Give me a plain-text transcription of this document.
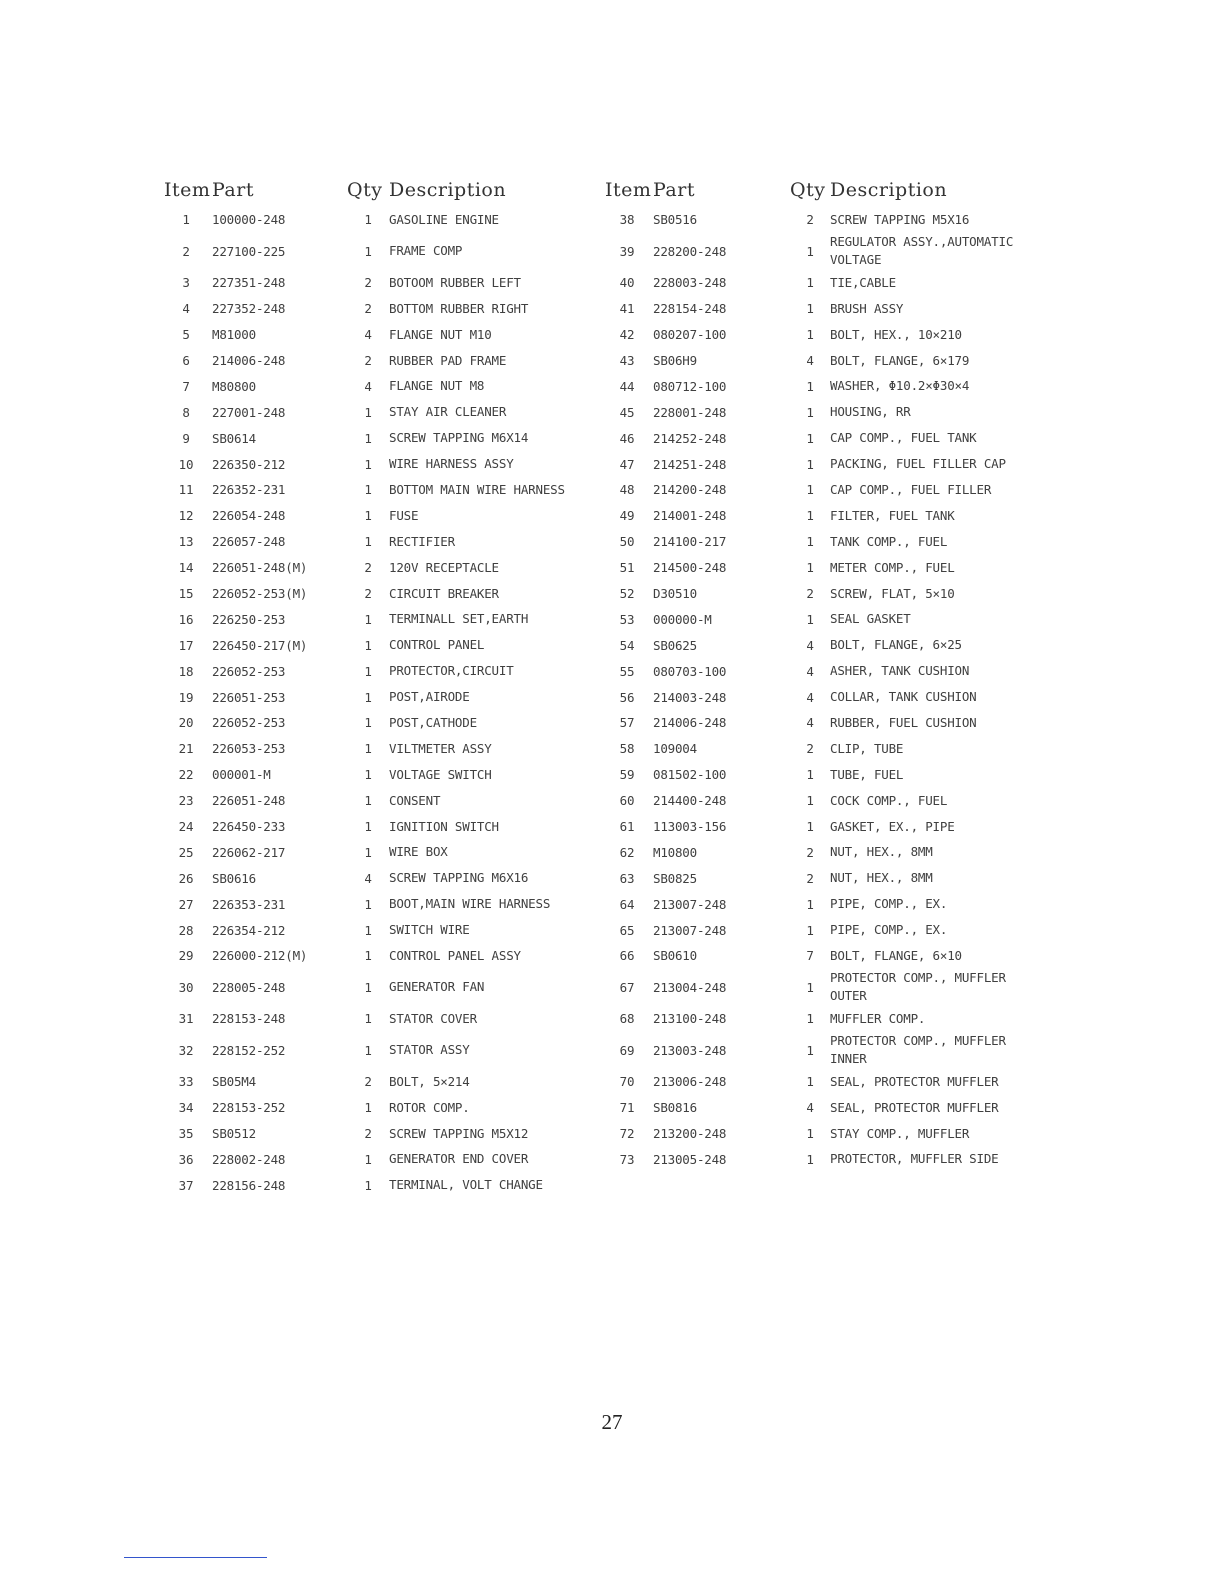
Item	Part	Qty	Description	Item	Part	Qty	Description
1	100000-248	1	GASOLINE ENGINE	38	SB0516	2	SCREW TAPPING M5X16
2	227100-225	1	FRAME COMP	39	228200-248	1	REGULATOR ASSY.,AUTOMATIC VOLTAGE
3	227351-248	2	BOTOOM RUBBER LEFT	40	228003-248	1	TIE,CABLE
4	227352-248	2	BOTTOM RUBBER RIGHT	41	228154-248	1	BRUSH ASSY
5	M81000	4	FLANGE NUT M10	42	080207-100	1	BOLT, HEX., 10×210
6	214006-248	2	RUBBER PAD FRAME	43	SB06H9	4	BOLT, FLANGE, 6×179
7	M80800	4	FLANGE NUT M8	44	080712-100	1	WASHER, Φ10.2×Φ30×4
8	227001-248	1	STAY AIR CLEANER	45	228001-248	1	HOUSING, RR
9	SB0614	1	SCREW TAPPING M6X14	46	214252-248	1	CAP COMP., FUEL TANK
10	226350-212	1	WIRE HARNESS ASSY	47	214251-248	1	PACKING, FUEL FILLER CAP
11	226352-231	1	BOTTOM MAIN WIRE HARNESS	48	214200-248	1	CAP COMP., FUEL FILLER
12	226054-248	1	FUSE	49	214001-248	1	FILTER, FUEL TANK
13	226057-248	1	RECTIFIER	50	214100-217	1	TANK COMP., FUEL
14	226051-248(M)	2	120V RECEPTACLE	51	214500-248	1	METER COMP., FUEL
15	226052-253(M)	2	CIRCUIT BREAKER	52	D30510	2	SCREW, FLAT, 5×10
16	226250-253	1	TERMINALL SET,EARTH	53	000000-M	1	SEAL GASKET
17	226450-217(M)	1	CONTROL PANEL	54	SB0625	4	BOLT, FLANGE, 6×25
18	226052-253	1	PROTECTOR,CIRCUIT	55	080703-100	4	ASHER, TANK CUSHION
19	226051-253	1	POST,AIRODE	56	214003-248	4	COLLAR, TANK CUSHION
20	226052-253	1	POST,CATHODE	57	214006-248	4	RUBBER, FUEL CUSHION
21	226053-253	1	VILTMETER ASSY	58	109004	2	CLIP, TUBE
22	000001-M	1	VOLTAGE SWITCH	59	081502-100	1	TUBE, FUEL
23	226051-248	1	CONSENT	60	214400-248	1	COCK COMP., FUEL
24	226450-233	1	IGNITION SWITCH	61	113003-156	1	GASKET, EX., PIPE
25	226062-217	1	WIRE BOX	62	M10800	2	NUT, HEX., 8MM
26	SB0616	4	SCREW TAPPING M6X16	63	SB0825	2	NUT, HEX., 8MM
27	226353-231	1	BOOT,MAIN WIRE HARNESS	64	213007-248	1	PIPE, COMP., EX.
28	226354-212	1	SWITCH WIRE	65	213007-248	1	PIPE, COMP., EX.
29	226000-212(M)	1	CONTROL PANEL ASSY	66	SB0610	7	BOLT, FLANGE, 6×10
30	228005-248	1	GENERATOR FAN	67	213004-248	1	PROTECTOR COMP., MUFFLER OUTER
31	228153-248	1	STATOR COVER	68	213100-248	1	MUFFLER COMP.
32	228152-252	1	STATOR ASSY	69	213003-248	1	PROTECTOR COMP., MUFFLER INNER
33	SB05M4	2	BOLT, 5×214	70	213006-248	1	SEAL, PROTECTOR MUFFLER
34	228153-252	1	ROTOR COMP.	71	SB0816	4	SEAL, PROTECTOR MUFFLER
35	SB0512	2	SCREW TAPPING M5X12	72	213200-248	1	STAY COMP., MUFFLER
36	228002-248	1	GENERATOR END COVER	73	213005-248	1	PROTECTOR, MUFFLER SIDE
37	228156-248	1	TERMINAL, VOLT CHANGE				
27
